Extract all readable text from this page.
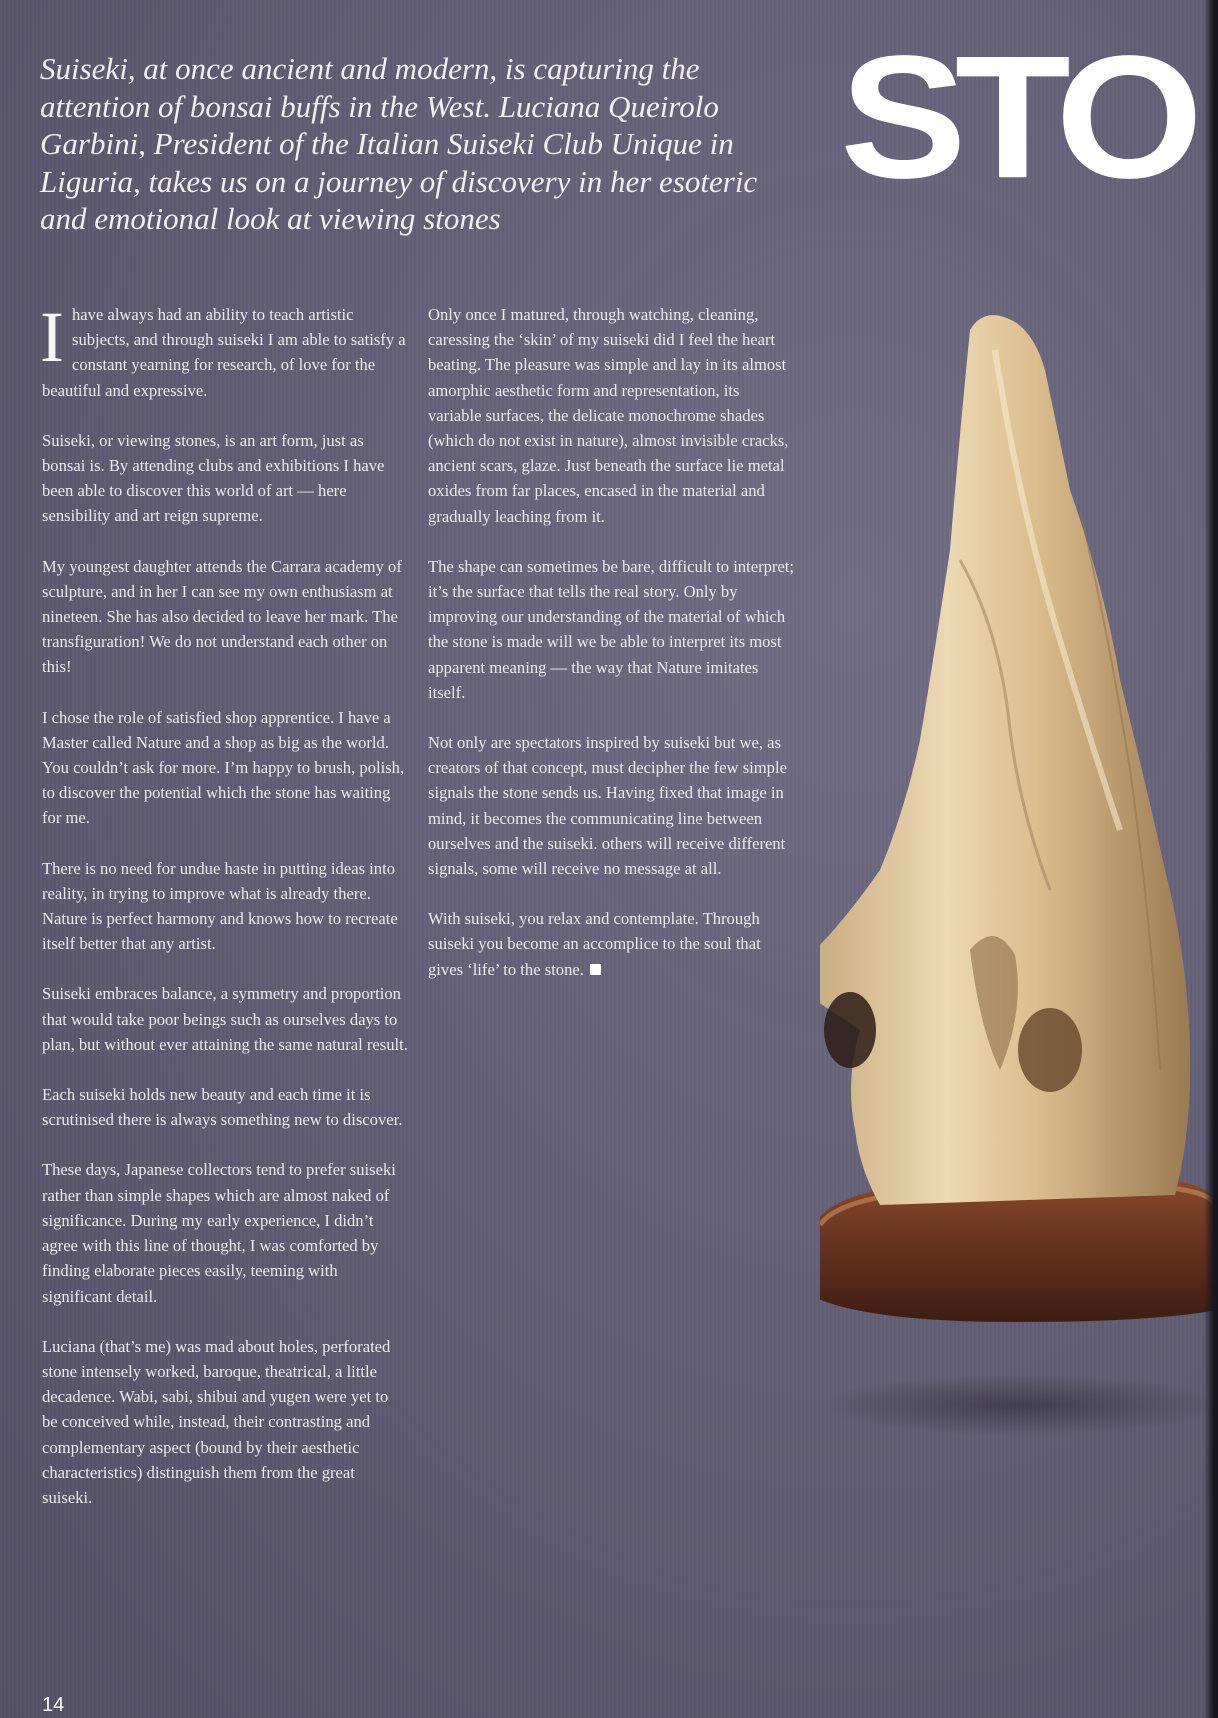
STO
Suiseki, at once ancient and modern, is capturing the attention of bonsai buffs in the West. Luciana Queirolo Garbini, President of the Italian Suiseki Club Unique in Liguria, takes us on a journey of discovery in her esoteric and emotional look at viewing stones

Ihave always had an ability to teach artistic subjects, and through suiseki I am able to satisfy a constant yearning for research, of love for the beautiful and expressive.

Suiseki, or viewing stones, is an art form, just as bonsai is. By attending clubs and exhibitions I have been able to discover this world of art — here sensibility and art reign supreme.

My youngest daughter attends the Carrara academy of sculpture, and in her I can see my own enthusiasm at nineteen. She has also decided to leave her mark. The transfiguration! We do not understand each other on this!

I chose the role of satisfied shop apprentice. I have a Master called Nature and a shop as big as the world. You couldn’t ask for more. I’m happy to brush, polish, to discover the potential which the stone has waiting for me.

There is no need for undue haste in putting ideas into reality, in trying to improve what is already there. Nature is perfect harmony and knows how to recreate itself better that any artist.

Suiseki embraces balance, a symmetry and proportion that would take poor beings such as ourselves days to plan, but without ever attaining the same natural result.

Each suiseki holds new beauty and each time it is scrutinised there is always something new to discover.

These days, Japanese collectors tend to prefer suiseki rather than simple shapes which are almost naked of significance. During my early experience, I didn’t agree with this line of thought, I was comforted by finding elaborate pieces easily, teeming with significant detail.

Luciana (that’s me) was mad about holes, perforated stone intensely worked, baroque, theatrical, a little decadence. Wabi, sabi, shibui and yugen were yet to be conceived while, instead, their contrasting and complementary aspect (bound by their aesthetic characteristics) distinguish them from the great suiseki.

Only once I matured, through watching, cleaning, caressing the ‘skin’ of my suiseki did I feel the heart beating. The pleasure was simple and lay in its almost amorphic aesthetic form and representation, its variable surfaces, the delicate monochrome shades (which do not exist in nature), almost invisible cracks, ancient scars, glaze. Just beneath the surface lie metal oxides from far places, encased in the material and gradually leaching from it.

The shape can sometimes be bare, difficult to interpret; it’s the surface that tells the real story. Only by improving our understanding of the material of which the stone is made will we be able to interpret its most apparent meaning — the way that Nature imitates itself.

Not only are spectators inspired by suiseki but we, as creators of that concept, must decipher the few simple signals the stone sends us. Having fixed that image in mind, it becomes the communicating line between ourselves and the suiseki. others will receive different signals, some will receive no message at all.

With suiseki, you relax and contemplate. Through suiseki you become an accomplice to the soul that gives ‘life’ to the stone.

14
